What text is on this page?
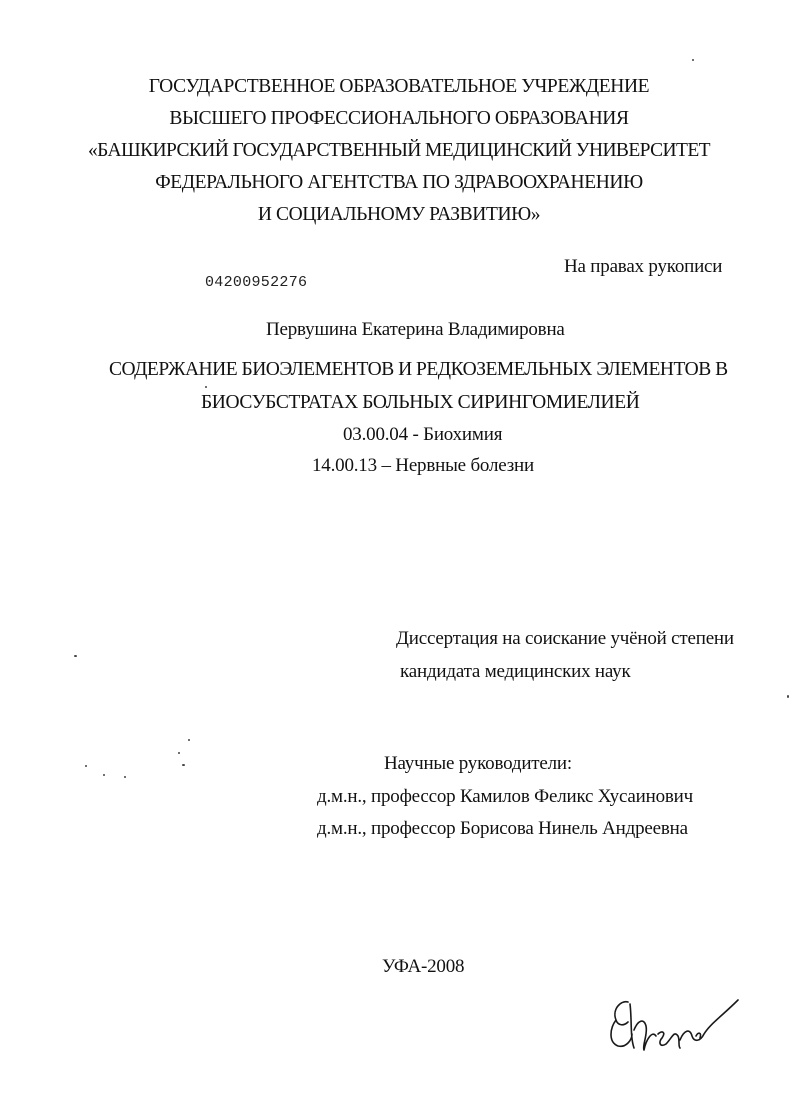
ГОСУДАРСТВЕННОЕ ОБРАЗОВАТЕЛЬНОЕ УЧРЕЖДЕНИЕ
ВЫСШЕГО ПРОФЕССИОНАЛЬНОГО ОБРАЗОВАНИЯ
«БАШКИРСКИЙ ГОСУДАРСТВЕННЫЙ МЕДИЦИНСКИЙ УНИВЕРСИТЕТ
ФЕДЕРАЛЬНОГО АГЕНТСТВА ПО ЗДРАВООХРАНЕНИЮ
И СОЦИАЛЬНОМУ РАЗВИТИЮ»
На правах рукописи
04200952276
Первушина Екатерина Владимировна
СОДЕРЖАНИЕ БИОЭЛЕМЕНТОВ И РЕДКОЗЕМЕЛЬНЫХ ЭЛЕМЕНТОВ В
БИОСУБСТРАТАХ БОЛЬНЫХ СИРИНГОМИЕЛИЕЙ
03.00.04 - Биохимия
14.00.13 – Нервные болезни
Диссертация на соискание учёной степени
кандидата медицинских наук
Научные руководители:
д.м.н., профессор Камилов Феликс Хусаинович
д.м.н., профессор Борисова Нинель Андреевна
УФА-2008
